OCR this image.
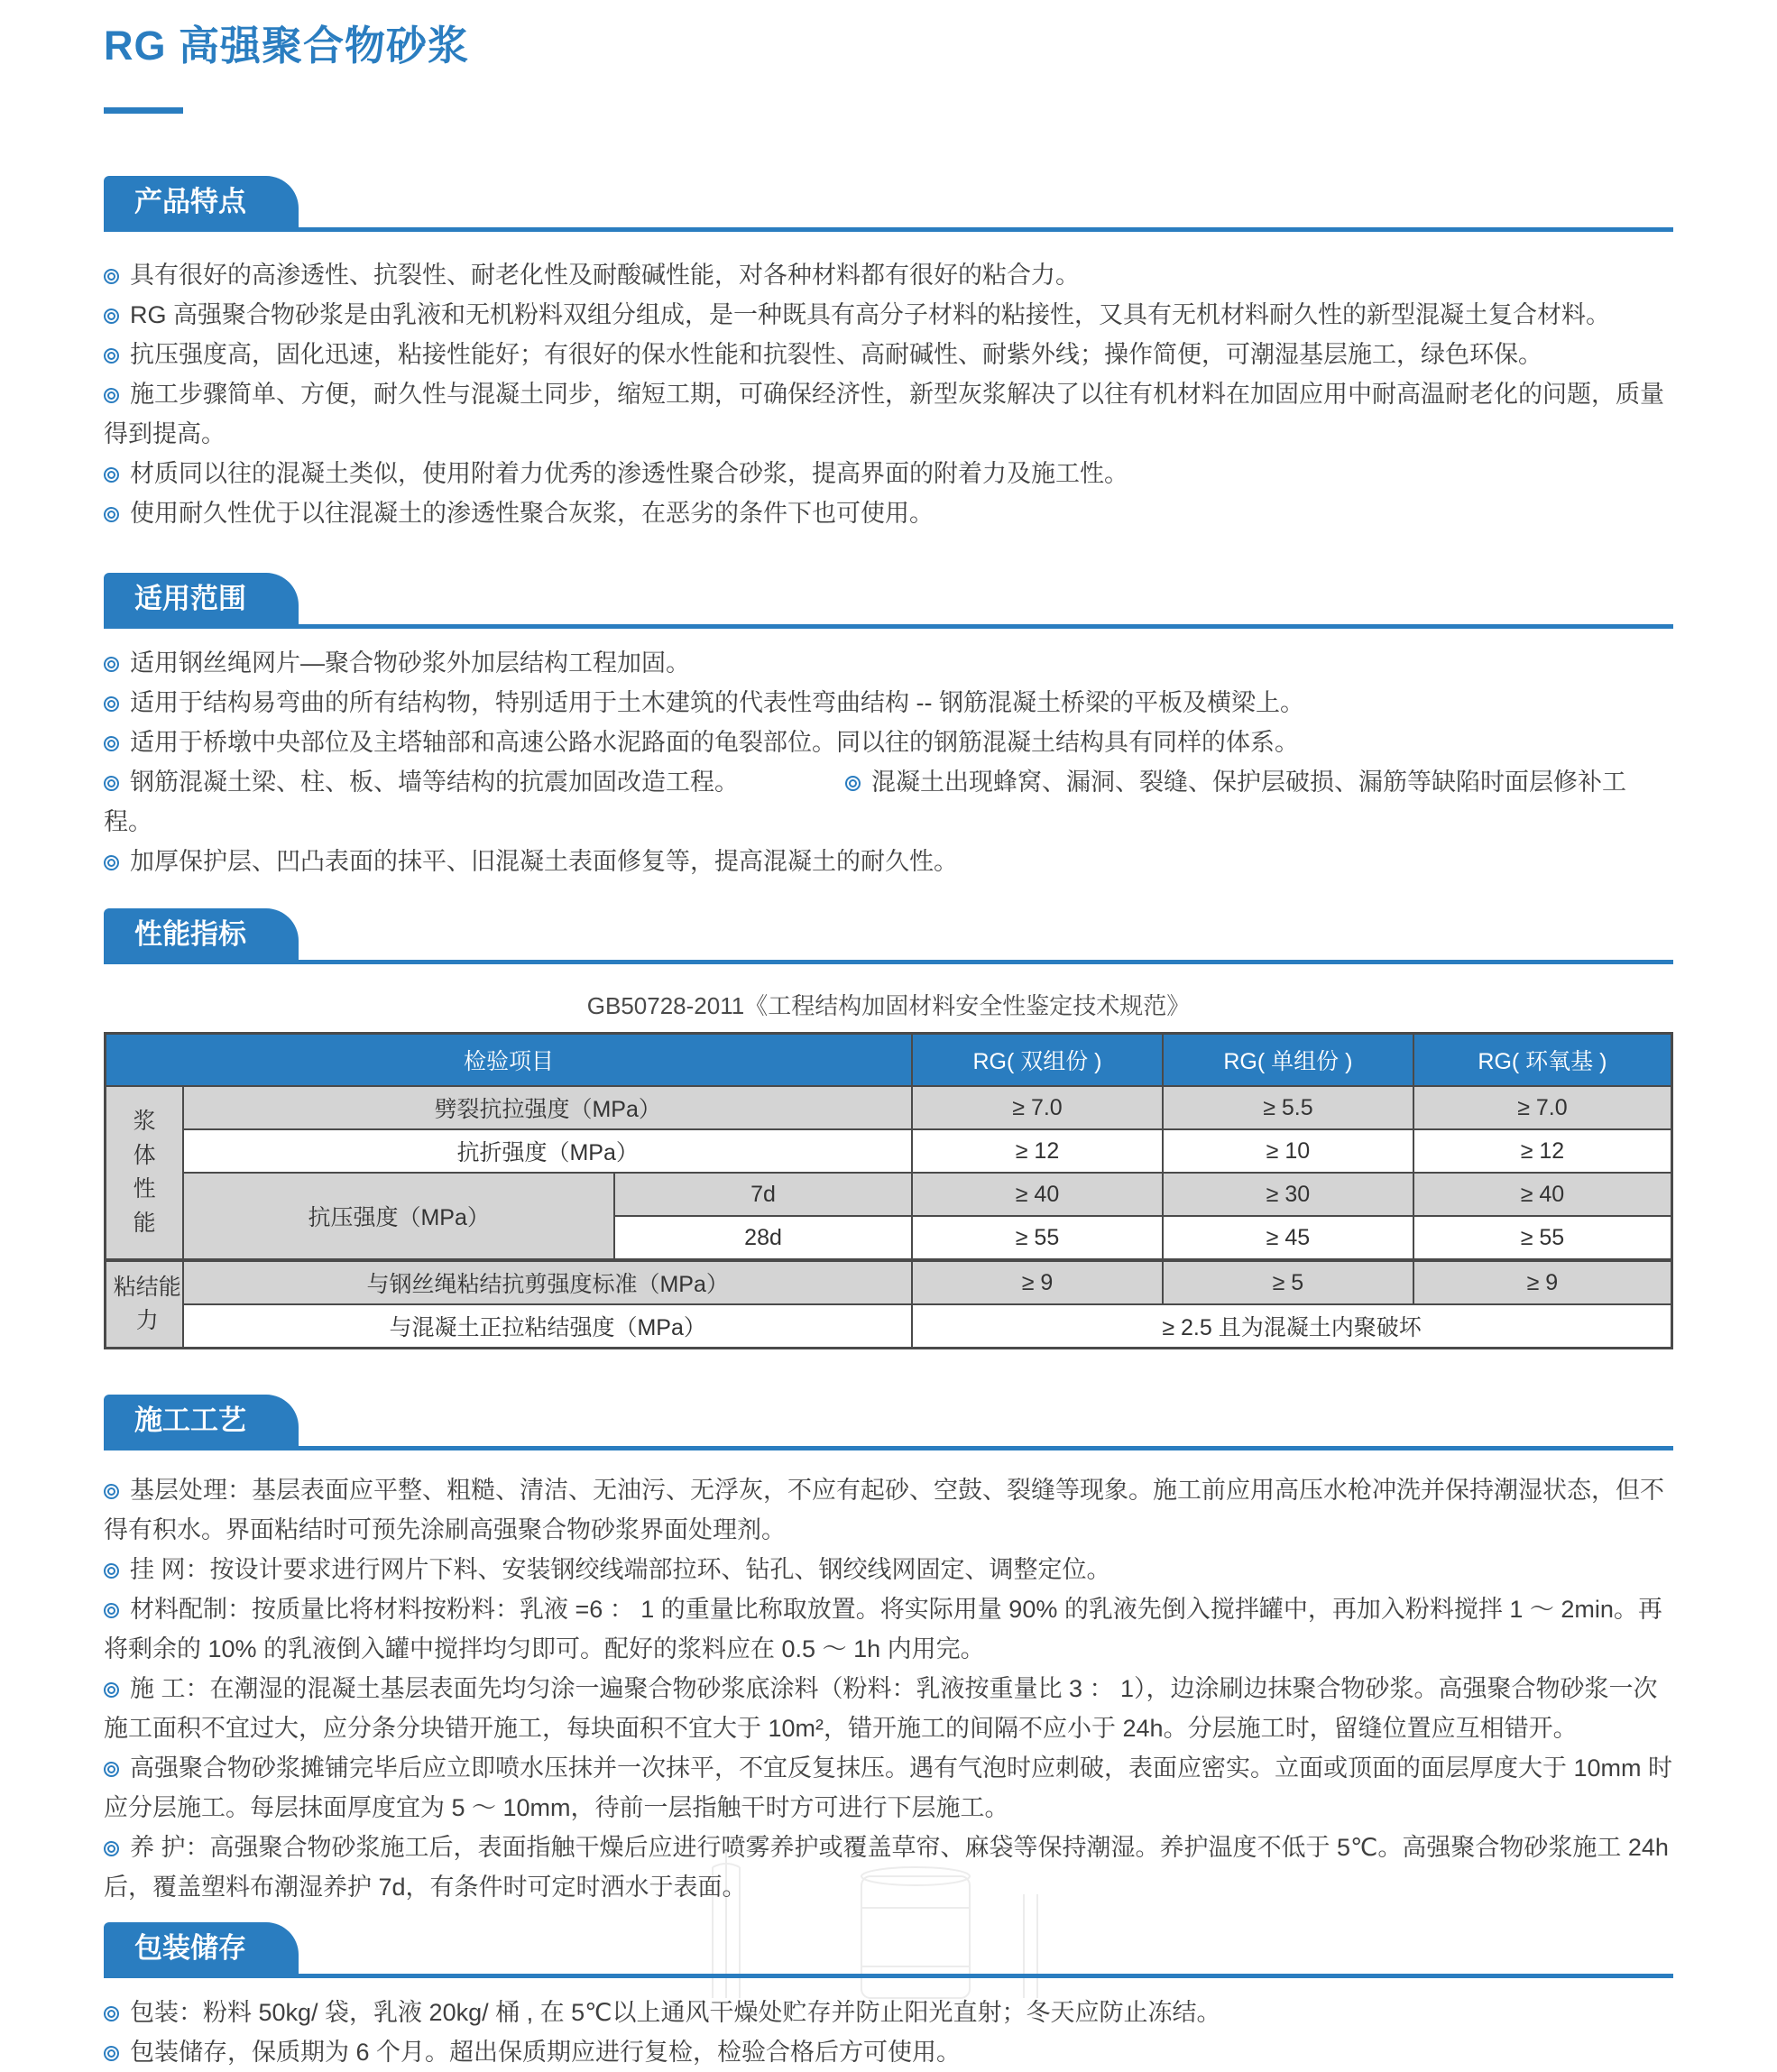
RG 高强聚合物砂浆
产品特点

具有很好的高渗透性、抗裂性、耐老化性及耐酸碱性能，对各种材料都有很好的粘合力。

RG 高强聚合物砂浆是由乳液和无机粉料双组分组成，是一种既具有高分子材料的粘接性，又具有无机材料耐久性的新型混凝土复合材料。

抗压强度高，固化迅速，粘接性能好；有很好的保水性能和抗裂性、高耐碱性、耐紫外线；操作简便，可潮湿基层施工，绿色环保。

施工步骤简单、方便，耐久性与混凝土同步，缩短工期，可确保经济性，新型灰浆解决了以往有机材料在加固应用中耐高温耐老化的问题，质量得到提高。

材质同以往的混凝土类似，使用附着力优秀的渗透性聚合砂浆，提高界面的附着力及施工性。

使用耐久性优于以往混凝土的渗透性聚合灰浆，在恶劣的条件下也可使用。

适用范围

适用钢丝绳网片—聚合物砂浆外加层结构工程加固。

适用于结构易弯曲的所有结构物，特别适用于土木建筑的代表性弯曲结构 -- 钢筋混凝土桥梁的平板及横梁上。

适用于桥墩中央部位及主塔轴部和高速公路水泥路面的龟裂部位。同以往的钢筋混凝土结构具有同样的体系。

钢筋混凝土梁、柱、板、墙等结构的抗震加固改造工程。	混凝土出现蜂窝、漏洞、裂缝、保护层破损、漏筋等缺陷时面层修补工程。

加厚保护层、凹凸表面的抹平、旧混凝土表面修复等，提高混凝土的耐久性。

性能指标
GB50728-2011《工程结构加固材料安全性鉴定技术规范》
检验项目			RG( 双组份 )	RG( 单组份 )	RG( 环氧基 )

浆体性能	劈裂抗拉强度（MPa）		≥ 7.0	≥ 5.5	≥ 7.0
	抗折强度（MPa）		≥ 12	≥ 10	≥ 12
	抗压强度（MPa）	7d	≥ 40	≥ 30	≥ 40
		28d	≥ 55	≥ 45	≥ 55

粘结能力	与钢丝绳粘结抗剪强度标准（MPa）		≥ 9	≥ 5	≥ 9
	与混凝土正拉粘结强度（MPa）		≥ 2.5 且为混凝土内聚破坏		
施工工艺

基层处理：基层表面应平整、粗糙、清洁、无油污、无浮灰，不应有起砂、空鼓、裂缝等现象。施工前应用高压水枪冲洗并保持潮湿状态，但不得有积水。界面粘结时可预先涂刷高强聚合物砂浆界面处理剂。

挂 网：按设计要求进行网片下料、安装钢绞线端部拉环、钻孔、钢绞线网固定、调整定位。

材料配制：按质量比将材料按粉料：乳液 =6 ： 1 的重量比称取放置。将实际用量 90% 的乳液先倒入搅拌罐中，再加入粉料搅拌 1 ～ 2min。再将剩余的 10% 的乳液倒入罐中搅拌均匀即可。配好的浆料应在 0.5 ～ 1h 内用完。

施 工：在潮湿的混凝土基层表面先均匀涂一遍聚合物砂浆底涂料（粉料：乳液按重量比 3 ： 1），边涂刷边抹聚合物砂浆。高强聚合物砂浆一次施工面积不宜过大，应分条分块错开施工，每块面积不宜大于 10m²，错开施工的间隔不应小于 24h。分层施工时，留缝位置应互相错开。

高强聚合物砂浆摊铺完毕后应立即喷水压抹并一次抹平，不宜反复抹压。遇有气泡时应刺破，表面应密实。立面或顶面的面层厚度大于 10mm 时应分层施工。每层抹面厚度宜为 5 ～ 10mm，待前一层指触干时方可进行下层施工。

养 护：高强聚合物砂浆施工后，表面指触干燥后应进行喷雾养护或覆盖草帘、麻袋等保持潮湿。养护温度不低于 5℃。高强聚合物砂浆施工 24h 后，覆盖塑料布潮湿养护 7d，有条件时可定时洒水于表面。

包装储存

包装：粉料 50kg/ 袋，乳液 20kg/ 桶 , 在 5℃以上通风干燥处贮存并防止阳光直射；冬天应防止冻结。

包装储存，保质期为 6 个月。超出保质期应进行复检，检验合格后方可使用。
